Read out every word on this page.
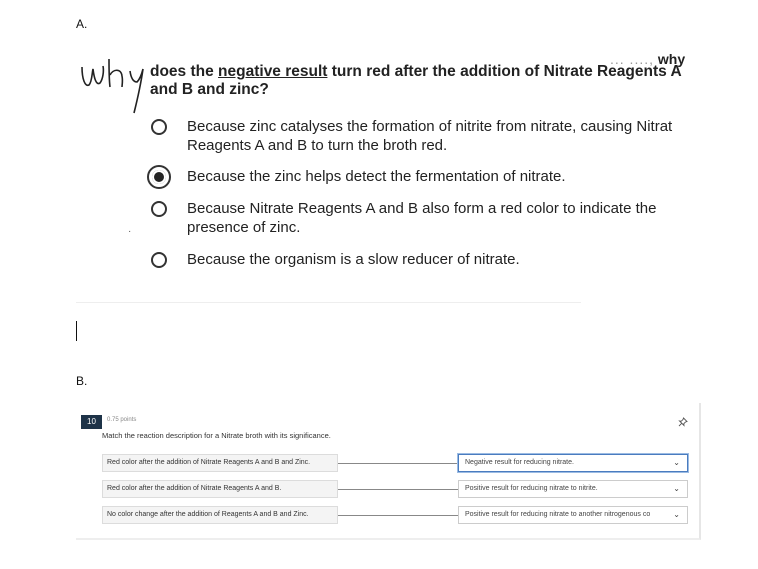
A.
... ...., why
does the negative result turn red after the addition of Nitrate Reagents A and B and zinc?
Because zinc catalyses the formation of nitrite from nitrate, causing Nitrat Reagents A and B to turn the broth red.
Because the zinc helps detect the fermentation of nitrate.
Because Nitrate Reagents A and B also form a red color to indicate the presence of zinc.
·
Because the organism is a slow reducer of nitrate.
B.
10	0.75 points
Match the reaction description for a Nitrate broth with its significance.
Red color after the addition of Nitrate Reagents A and B and Zinc.	Negative result for reducing nitrate.	⌄
Red color after the addition of Nitrate Reagents A and B.	Positive result for reducing nitrate to nitrite.	⌄
No color change after the addition of Reagents A and B and Zinc.	Positive result for reducing nitrate to another nitrogenous co	⌄
